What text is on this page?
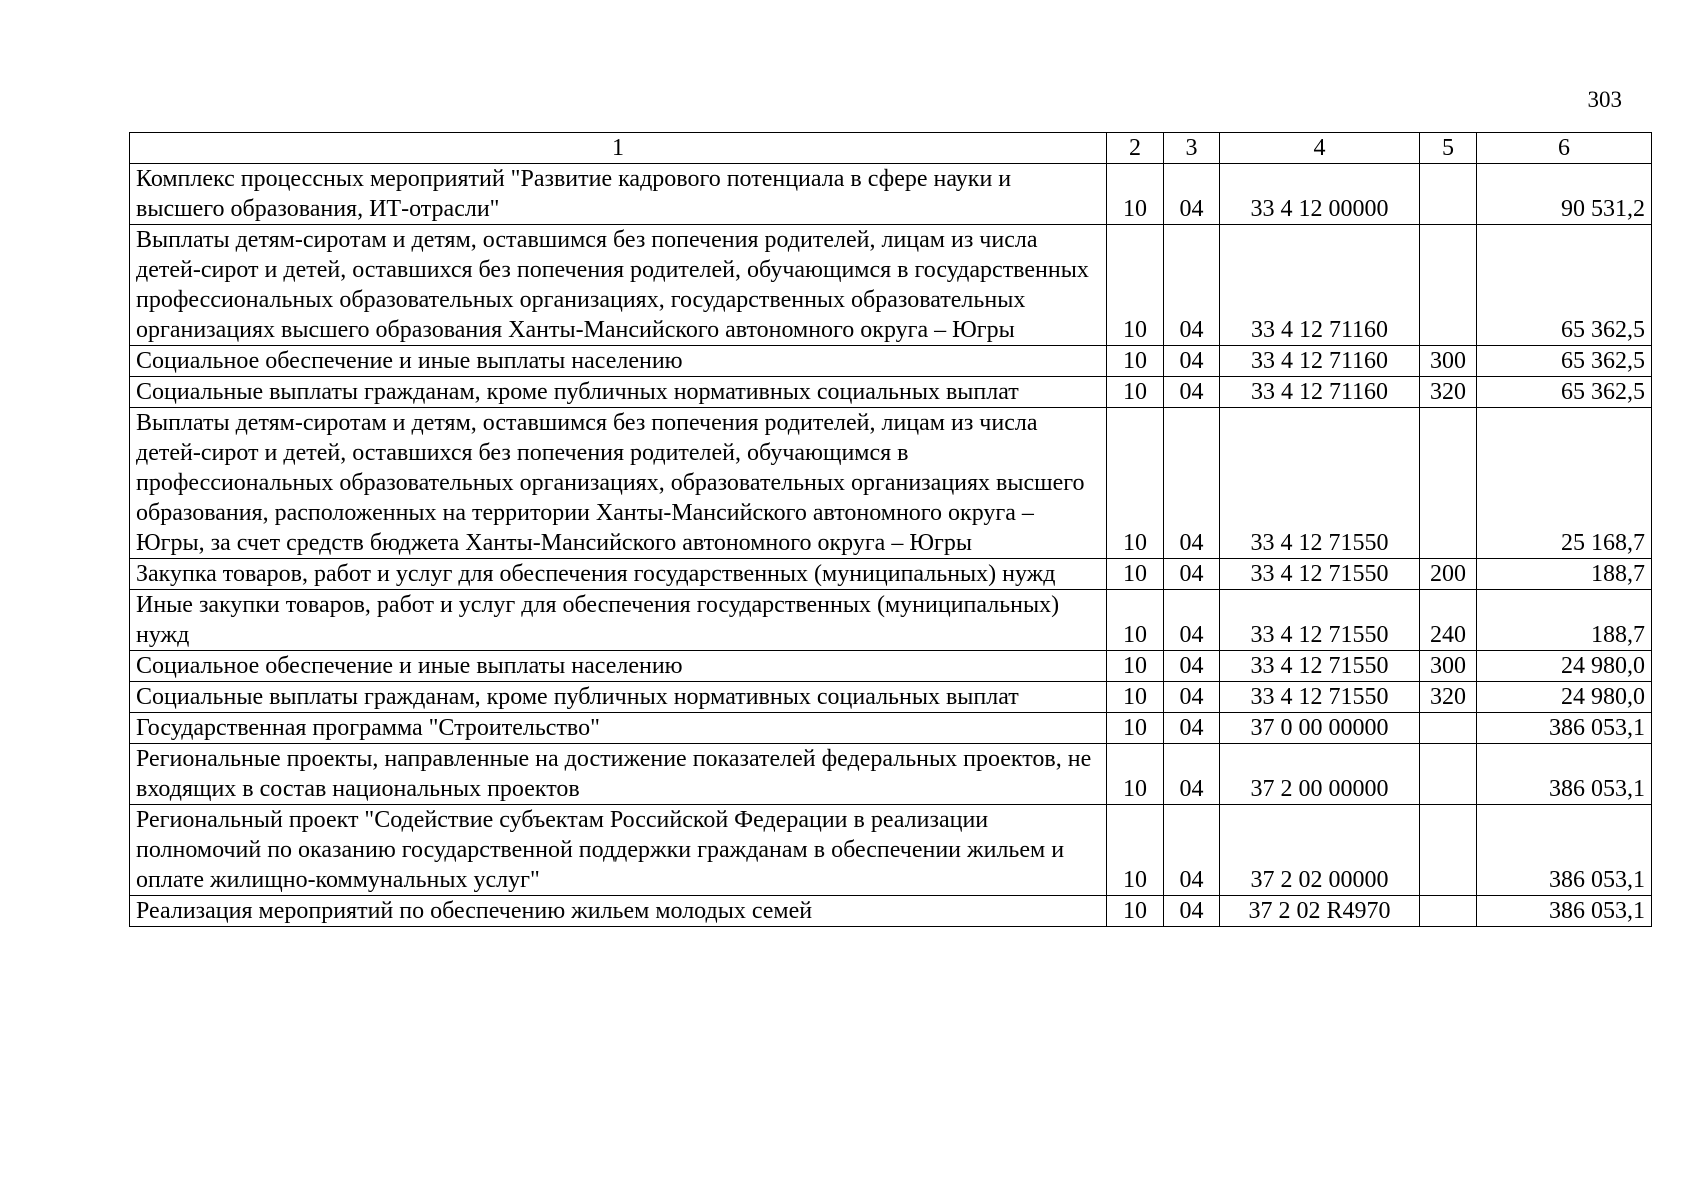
303
1	2	3	4	5	6
Комплекс процессных мероприятий "Развитие кадрового потенциала в сфере науки и высшего образования, ИТ-отрасли"	10	04	33 4 12 00000		90 531,2
Выплаты детям-сиротам и детям, оставшимся без попечения родителей, лицам из числа детей-сирот и детей, оставшихся без попечения родителей, обучающимся в государственных профессиональных образовательных организациях, государственных образовательных организациях высшего образования Ханты-Мансийского автономного округа – Югры	10	04	33 4 12 71160		65 362,5
Социальное обеспечение и иные выплаты населению	10	04	33 4 12 71160	300	65 362,5
Социальные выплаты гражданам, кроме публичных нормативных социальных выплат	10	04	33 4 12 71160	320	65 362,5
Выплаты детям-сиротам и детям, оставшимся без попечения родителей, лицам из числа детей-сирот и детей, оставшихся без попечения родителей, обучающимся в профессиональных образовательных организациях, образовательных организациях высшего образования, расположенных на территории Ханты-Мансийского автономного округа – Югры, за счет средств бюджета Ханты-Мансийского автономного округа – Югры	10	04	33 4 12 71550		25 168,7
Закупка товаров, работ и услуг для обеспечения государственных (муниципальных) нужд	10	04	33 4 12 71550	200	188,7
Иные закупки товаров, работ и услуг для обеспечения государственных (муниципальных) нужд	10	04	33 4 12 71550	240	188,7
Социальное обеспечение и иные выплаты населению	10	04	33 4 12 71550	300	24 980,0
Социальные выплаты гражданам, кроме публичных нормативных социальных выплат	10	04	33 4 12 71550	320	24 980,0
Государственная программа "Строительство"	10	04	37 0 00 00000		386 053,1
Региональные проекты, направленные на достижение показателей федеральных проектов, не входящих в состав национальных проектов	10	04	37 2 00 00000		386 053,1
Региональный проект "Содействие субъектам Российской Федерации в реализации полномочий по оказанию государственной поддержки гражданам в обеспечении жильем и оплате жилищно-коммунальных услуг"	10	04	37 2 02 00000		386 053,1
Реализация мероприятий по обеспечению жильем молодых семей	10	04	37 2 02 R4970		386 053,1
